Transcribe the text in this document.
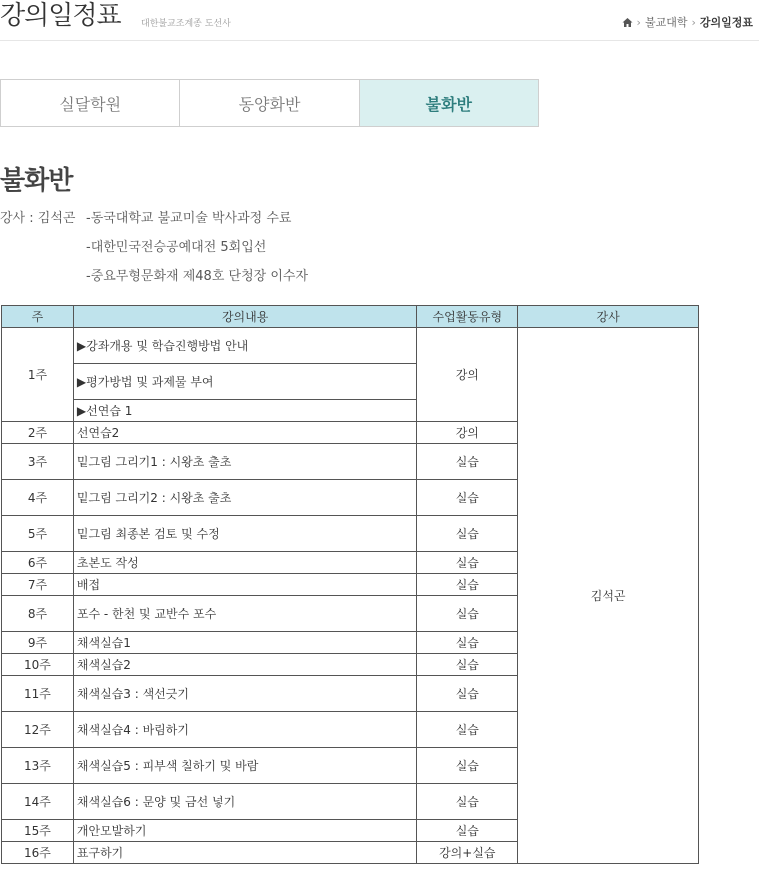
강의일정표 대한불교조계종 도선사	› 불교대학 › 강의일정표
실달학원	동양화반	불화반
불화반
강사 : 김석곤 -동국대학교 불교미술 박사과정 수료
-대한민국전승공예대전 5회입선
-중요무형문화재 제48호 단청장 이수자
주	강의내용	수업활동유형	강사
1주	▶강좌개용 및 학습진행방법 안내	강의	김석곤
	▶평가방법 및 과제물 부여		
	▶선연습 1		
2주	선연습2	강의	
3주	밑그림 그리기1 : 시왕초 출초	실습	
4주	밑그림 그리기2 : 시왕초 출초	실습	
5주	밑그림 최종본 검토 및 수정	실습	
6주	초본도 작성	실습	
7주	배접	실습	
8주	포수 - 한천 및 교반수 포수	실습	
9주	채색실습1	실습	
10주	채색실습2	실습	
11주	채색실습3 : 색선긋기	실습	
12주	채색실습4 : 바림하기	실습	
13주	채색실습5 : 피부색 칠하기 및 바람	실습	
14주	채색실습6 : 문양 및 금선 넣기	실습	
15주	개안모발하기	실습	
16주	표구하기	강의+실습	
